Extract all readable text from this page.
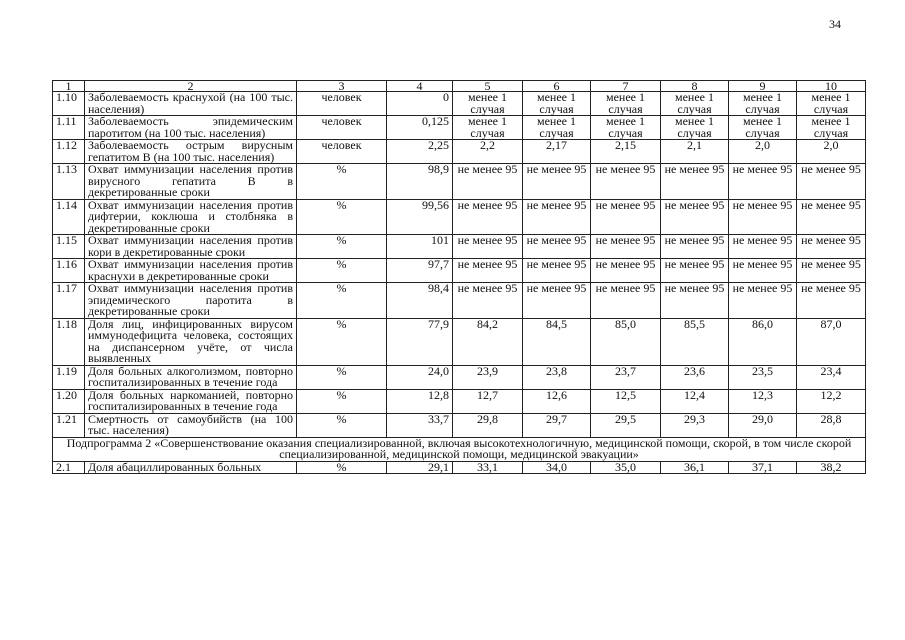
34
1	2	3	4	5	6	7	8	9	10
1.10	Заболеваемость краснухой (на 100 тыс. населения)	человек	0	менее 1 случая	менее 1 случая	менее 1 случая	менее 1 случая	менее 1 случая	менее 1 случая
1.11	Заболеваемость эпидемическим паротитом (на 100 тыс. населения)	человек	0,125	менее 1 случая	менее 1 случая	менее 1 случая	менее 1 случая	менее 1 случая	менее 1 случая
1.12	Заболеваемость острым вирусным гепатитом В (на 100 тыс. населения)	человек	2,25	2,2	2,17	2,15	2,1	2,0	2,0
1.13	Охват иммунизации населения против вирусного гепатита В в декретированные сроки	%	98,9	не менее 95	не менее 95	не менее 95	не менее 95	не менее 95	не менее 95
1.14	Охват иммунизации населения против дифтерии, коклюша и столбняка в декретированные сроки	%	99,56	не менее 95	не менее 95	не менее 95	не менее 95	не менее 95	не менее 95
1.15	Охват иммунизации населения против кори в декретированные сроки	%	101	не менее 95	не менее 95	не менее 95	не менее 95	не менее 95	не менее 95
1.16	Охват иммунизации населения против краснухи в декретированные сроки	%	97,7	не менее 95	не менее 95	не менее 95	не менее 95	не менее 95	не менее 95
1.17	Охват иммунизации населения против эпидемического паротита в декретированные сроки	%	98,4	не менее 95	не менее 95	не менее 95	не менее 95	не менее 95	не менее 95
1.18	Доля лиц, инфицированных вирусом иммунодефицита человека, состоящих на диспансерном учёте, от числа выявленных	%	77,9	84,2	84,5	85,0	85,5	86,0	87,0
1.19	Доля больных алкоголизмом, повторно госпитализированных в течение года	%	24,0	23,9	23,8	23,7	23,6	23,5	23,4
1.20	Доля больных наркоманией, повторно госпитализированных в течение года	%	12,8	12,7	12,6	12,5	12,4	12,3	12,2
1.21	Смертность от самоубийств (на 100 тыс. населения)	%	33,7	29,8	29,7	29,5	29,3	29,0	28,8
Подпрограмма 2 «Совершенствование оказания специализированной, включая высокотехнологичную, медицинской помощи, скорой, в том числе скорой специализированной, медицинской помощи, медицинской эвакуации»									
2.1	Доля абациллированных больных	%	29,1	33,1	34,0	35,0	36,1	37,1	38,2
